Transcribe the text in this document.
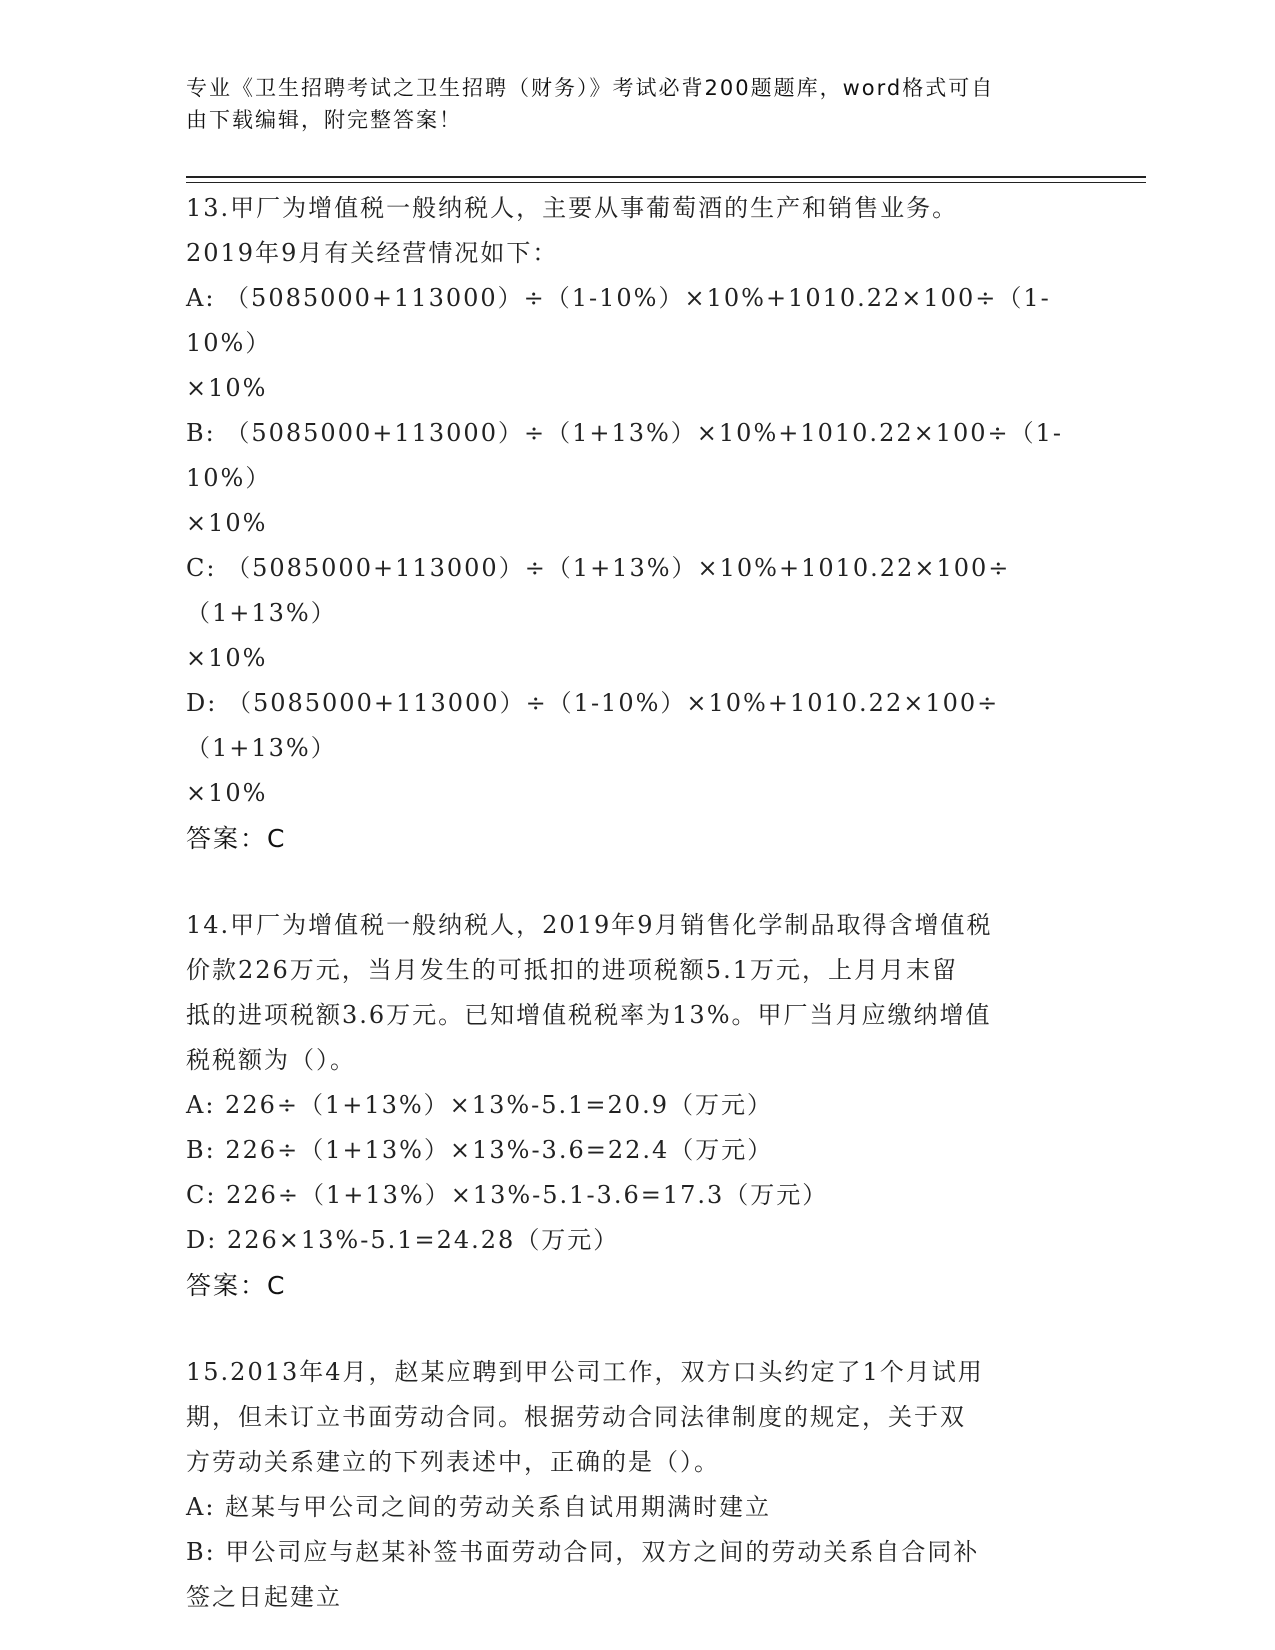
专业《卫生招聘考试之卫生招聘（财务）》考试必背200题题库，word格式可自
由下载编辑，附完整答案！

13.甲厂为增值税一般纳税人，主要从事葡萄酒的生产和销售业务。

2019年9月有关经营情况如下：

A: （5085000+113000）÷（1-10%）×10%+1010.22×100÷（1-10%）

×10%

B: （5085000+113000）÷（1+13%）×10%+1010.22×100÷（1-10%）

×10%

C: （5085000+113000）÷（1+13%）×10%+1010.22×100÷（1+13%）

×10%

D: （5085000+113000）÷（1-10%）×10%+1010.22×100÷（1+13%）

×10%

答案：C

14.甲厂为增值税一般纳税人，2019年9月销售化学制品取得含增值税

价款226万元，当月发生的可抵扣的进项税额5.1万元，上月月末留

抵的进项税额3.6万元。已知增值税税率为13%。甲厂当月应缴纳增值

税税额为（）。

A: 226÷（1+13%）×13%-5.1=20.9（万元）

B: 226÷（1+13%）×13%-3.6=22.4（万元）

C: 226÷（1+13%）×13%-5.1-3.6=17.3（万元）

D: 226×13%-5.1=24.28（万元）

答案：C

15.2013年4月，赵某应聘到甲公司工作，双方口头约定了1个月试用

期，但未订立书面劳动合同。根据劳动合同法律制度的规定，关于双

方劳动关系建立的下列表述中，正确的是（）。

A: 赵某与甲公司之间的劳动关系自试用期满时建立

B: 甲公司应与赵某补签书面劳动合同，双方之间的劳动关系自合同补

签之日起建立
